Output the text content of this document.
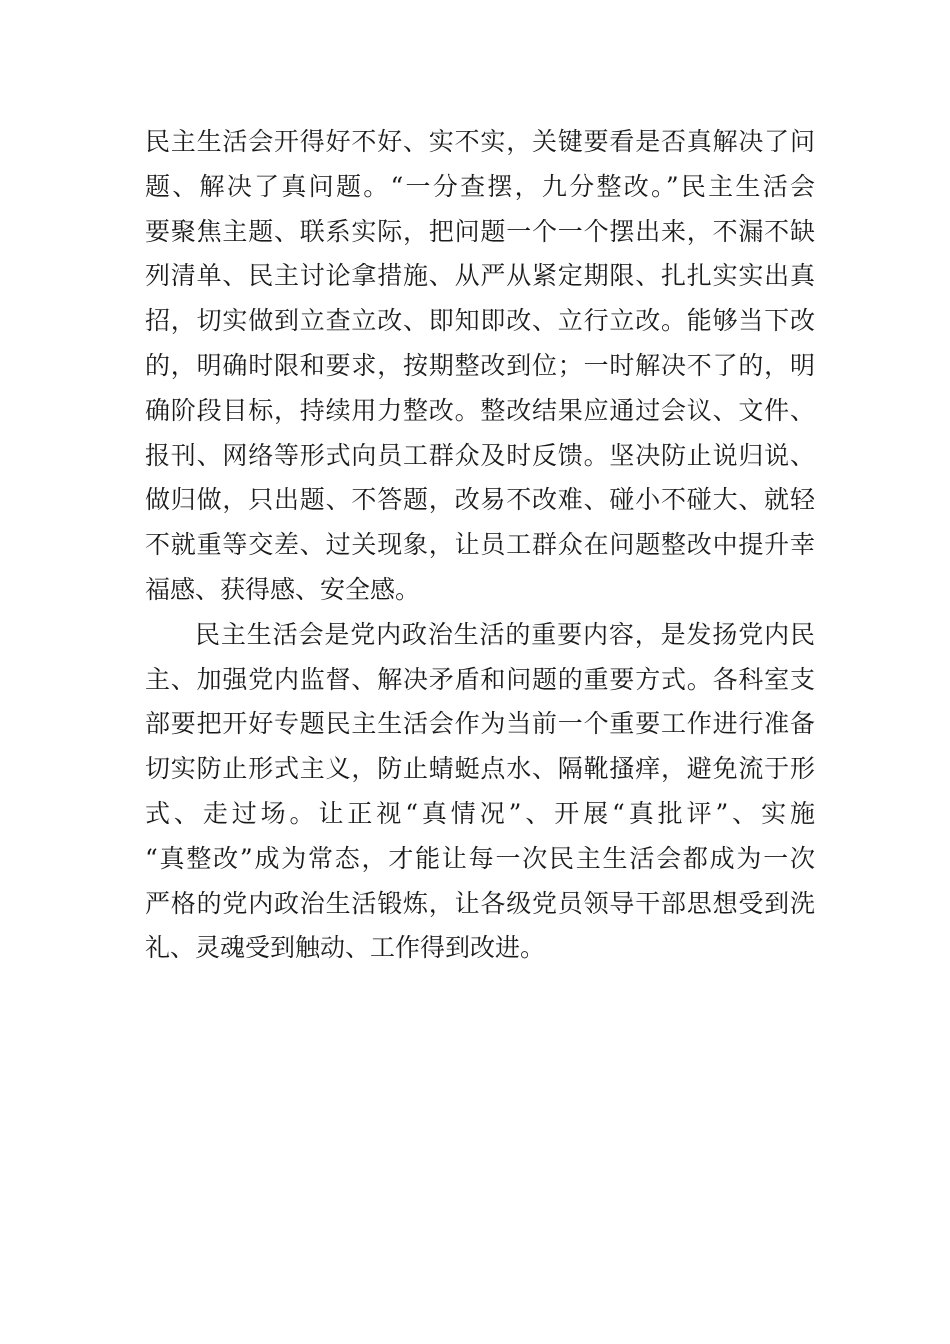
民主生活会开得好不好、实不实，关键要看是否真解决了问
题、解决了真问题。“一分查摆，九分整改。”民主生活会
要聚焦主题、联系实际，把问题一个一个摆出来，不漏不缺
列清单、民主讨论拿措施、从严从紧定期限、扎扎实实出真
招，切实做到立查立改、即知即改、立行立改。能够当下改
的，明确时限和要求，按期整改到位；一时解决不了的，明
确阶段目标，持续用力整改。整改结果应通过会议、文件、
报刊、网络等形式向员工群众及时反馈。坚决防止说归说、
做归做，只出题、不答题，改易不改难、碰小不碰大、就轻
不就重等交差、过关现象，让员工群众在问题整改中提升幸
福感、获得感、安全感。
民主生活会是党内政治生活的重要内容，是发扬党内民
主、加强党内监督、解决矛盾和问题的重要方式。各科室支
部要把开好专题民主生活会作为当前一个重要工作进行准备
切实防止形式主义，防止蜻蜓点水、隔靴搔痒，避免流于形
式、走过场。让正视“真情况”、开展“真批评”、实施
“真整改”成为常态，才能让每一次民主生活会都成为一次
严格的党内政治生活锻炼，让各级党员领导干部思想受到洗
礼、灵魂受到触动、工作得到改进。
